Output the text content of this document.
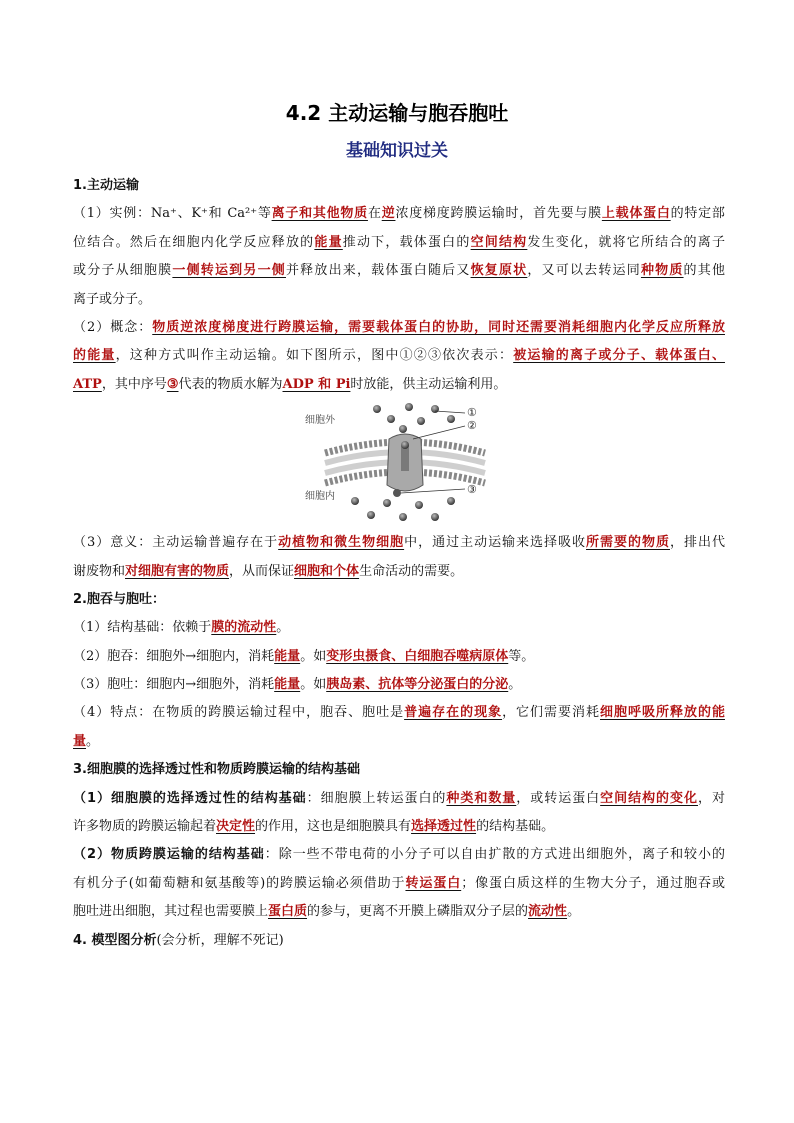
4.2 主动运输与胞吞胞吐
基础知识过关
1.主动运输
（1）实例：Na⁺、K⁺和 Ca²⁺等离子和其他物质在逆浓度梯度跨膜运输时，首先要与膜上载体蛋白的特定部
位结合。然后在细胞内化学反应释放的能量推动下，载体蛋白的空间结构发生变化，就将它所结合的离子
或分子从细胞膜一侧转运到另一侧并释放出来，载体蛋白随后又恢复原状，又可以去转运同种物质的其他
离子或分子。
（2）概念：物质逆浓度梯度进行跨膜运输，需要载体蛋白的协助，同时还需要消耗细胞内化学反应所释放
的能量，这种方式叫作主动运输。如下图所示，图中①②③依次表示：被运输的离子或分子、载体蛋白、
ATP，其中序号③代表的物质水解为ADP 和 Pi时放能，供主动运输利用。
细胞外
细胞内
①
②
③
（3）意义：主动运输普遍存在于动植物和微生物细胞中，通过主动运输来选择吸收所需要的物质，排出代
谢废物和对细胞有害的物质，从而保证细胞和个体生命活动的需要。
2.胞吞与胞吐：
（1）结构基础：依赖于膜的流动性。
（2）胞吞：细胞外→细胞内，消耗能量。如变形虫摄食、白细胞吞噬病原体等。
（3）胞吐：细胞内→细胞外，消耗能量。如胰岛素、抗体等分泌蛋白的分泌。
（4）特点：在物质的跨膜运输过程中，胞吞、胞吐是普遍存在的现象，它们需要消耗细胞呼吸所释放的能
量。
3.细胞膜的选择透过性和物质跨膜运输的结构基础
（1）细胞膜的选择透过性的结构基础：细胞膜上转运蛋白的种类和数量，或转运蛋白空间结构的变化，对
许多物质的跨膜运输起着决定性的作用，这也是细胞膜具有选择透过性的结构基础。
（2）物质跨膜运输的结构基础：除一些不带电荷的小分子可以自由扩散的方式进出细胞外，离子和较小的
有机分子(如葡萄糖和氨基酸等)的跨膜运输必须借助于转运蛋白；像蛋白质这样的生物大分子，通过胞吞或
胞吐进出细胞，其过程也需要膜上蛋白质的参与，更离不开膜上磷脂双分子层的流动性。
4. 模型图分析(会分析，理解不死记)
